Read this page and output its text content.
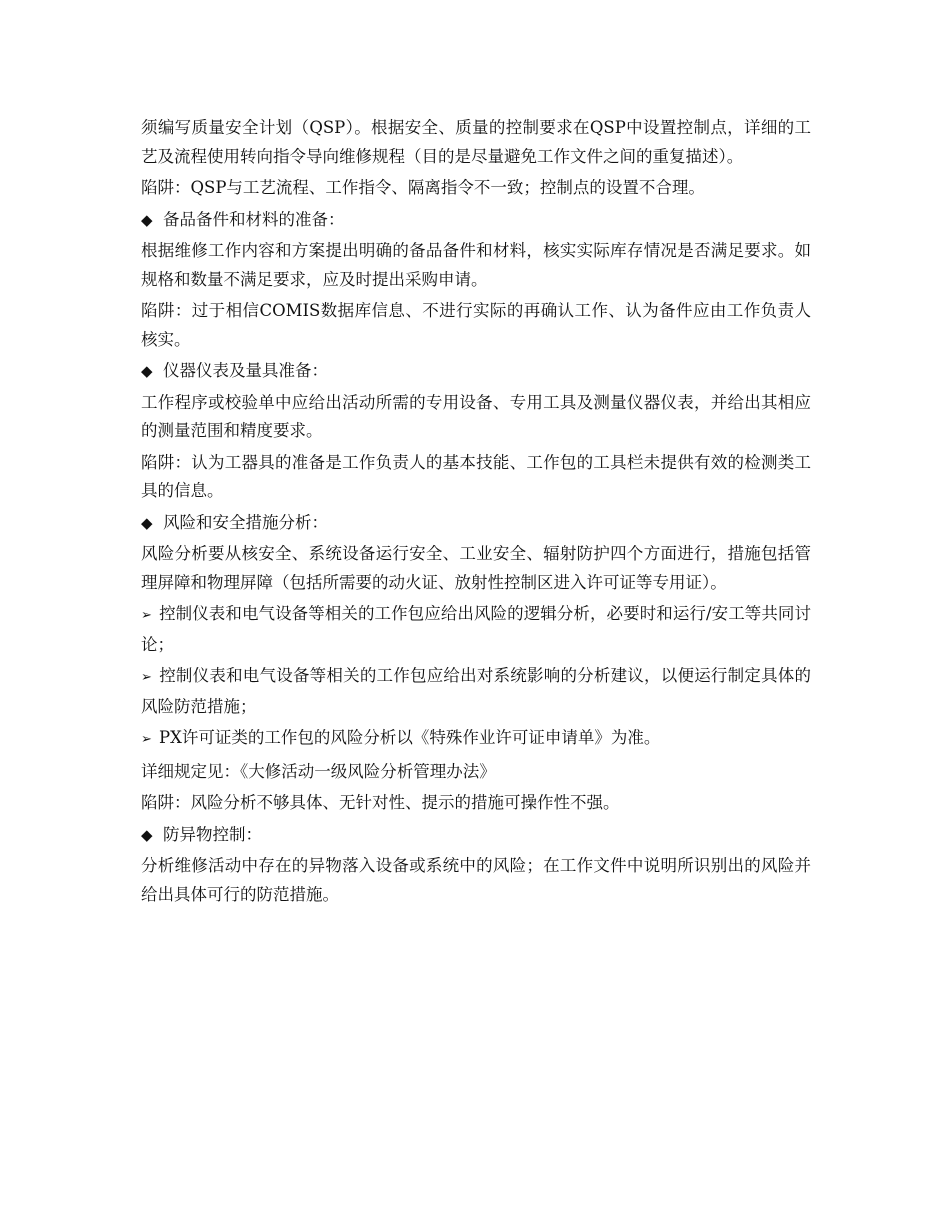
须编写质量安全计划（QSP）。根据安全、质量的控制要求在QSP中设置控制点，详细的工艺及流程使用转向指令导向维修规程（目的是尽量避免工作文件之间的重复描述）。

陷阱：QSP与工艺流程、工作指令、隔离指令不一致；控制点的设置不合理。

◆ 备品备件和材料的准备：

根据维修工作内容和方案提出明确的备品备件和材料，核实实际库存情况是否满足要求。如规格和数量不满足要求，应及时提出采购申请。

陷阱：过于相信COMIS数据库信息、不进行实际的再确认工作、认为备件应由工作负责人核实。

◆ 仪器仪表及量具准备：

工作程序或校验单中应给出活动所需的专用设备、专用工具及测量仪器仪表，并给出其相应的测量范围和精度要求。

陷阱：认为工器具的准备是工作负责人的基本技能、工作包的工具栏未提供有效的检测类工具的信息。

◆ 风险和安全措施分析：

风险分析要从核安全、系统设备运行安全、工业安全、辐射防护四个方面进行，措施包括管理屏障和物理屏障（包括所需要的动火证、放射性控制区进入许可证等专用证）。

➢ 控制仪表和电气设备等相关的工作包应给出风险的逻辑分析，必要时和运行/安工等共同讨论；

➢ 控制仪表和电气设备等相关的工作包应给出对系统影响的分析建议，以便运行制定具体的风险防范措施；

➢ PX许可证类的工作包的风险分析以《特殊作业许可证申请单》为准。

详细规定见：《大修活动一级风险分析管理办法》

陷阱：风险分析不够具体、无针对性、提示的措施可操作性不强。

◆ 防异物控制：

分析维修活动中存在的异物落入设备或系统中的风险；在工作文件中说明所识别出的风险并给出具体可行的防范措施。
